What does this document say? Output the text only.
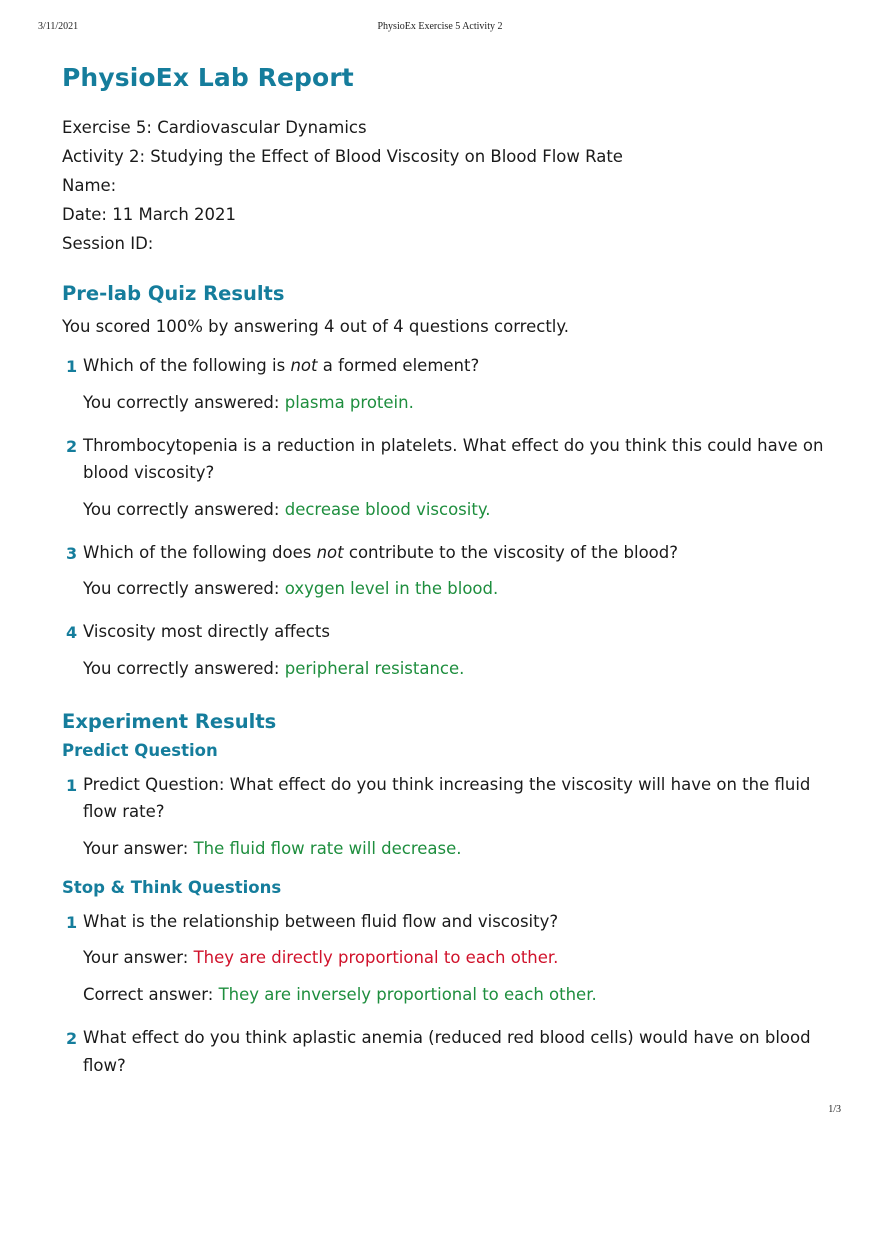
3/11/2021	PhysioEx Exercise 5 Activity 2
PhysioEx Lab Report
Exercise 5: Cardiovascular Dynamics
Activity 2: Studying the Effect of Blood Viscosity on Blood Flow Rate
Name:
Date: 11 March 2021
Session ID:
Pre-lab Quiz Results
You scored 100% by answering 4 out of 4 questions correctly.
1 Which of the following is not a formed element?
You correctly answered: plasma protein.
2 Thrombocytopenia is a reduction in platelets. What effect do you think this could have on blood viscosity?
You correctly answered: decrease blood viscosity.
3 Which of the following does not contribute to the viscosity of the blood?
You correctly answered: oxygen level in the blood.
4 Viscosity most directly affects
You correctly answered: peripheral resistance.
Experiment Results
Predict Question
1 Predict Question: What effect do you think increasing the viscosity will have on the fluid flow rate?
Your answer: The fluid flow rate will decrease.
Stop & Think Questions
1 What is the relationship between fluid flow and viscosity?
Your answer: They are directly proportional to each other.
Correct answer: They are inversely proportional to each other.
2 What effect do you think aplastic anemia (reduced red blood cells) would have on blood flow?
1/3
